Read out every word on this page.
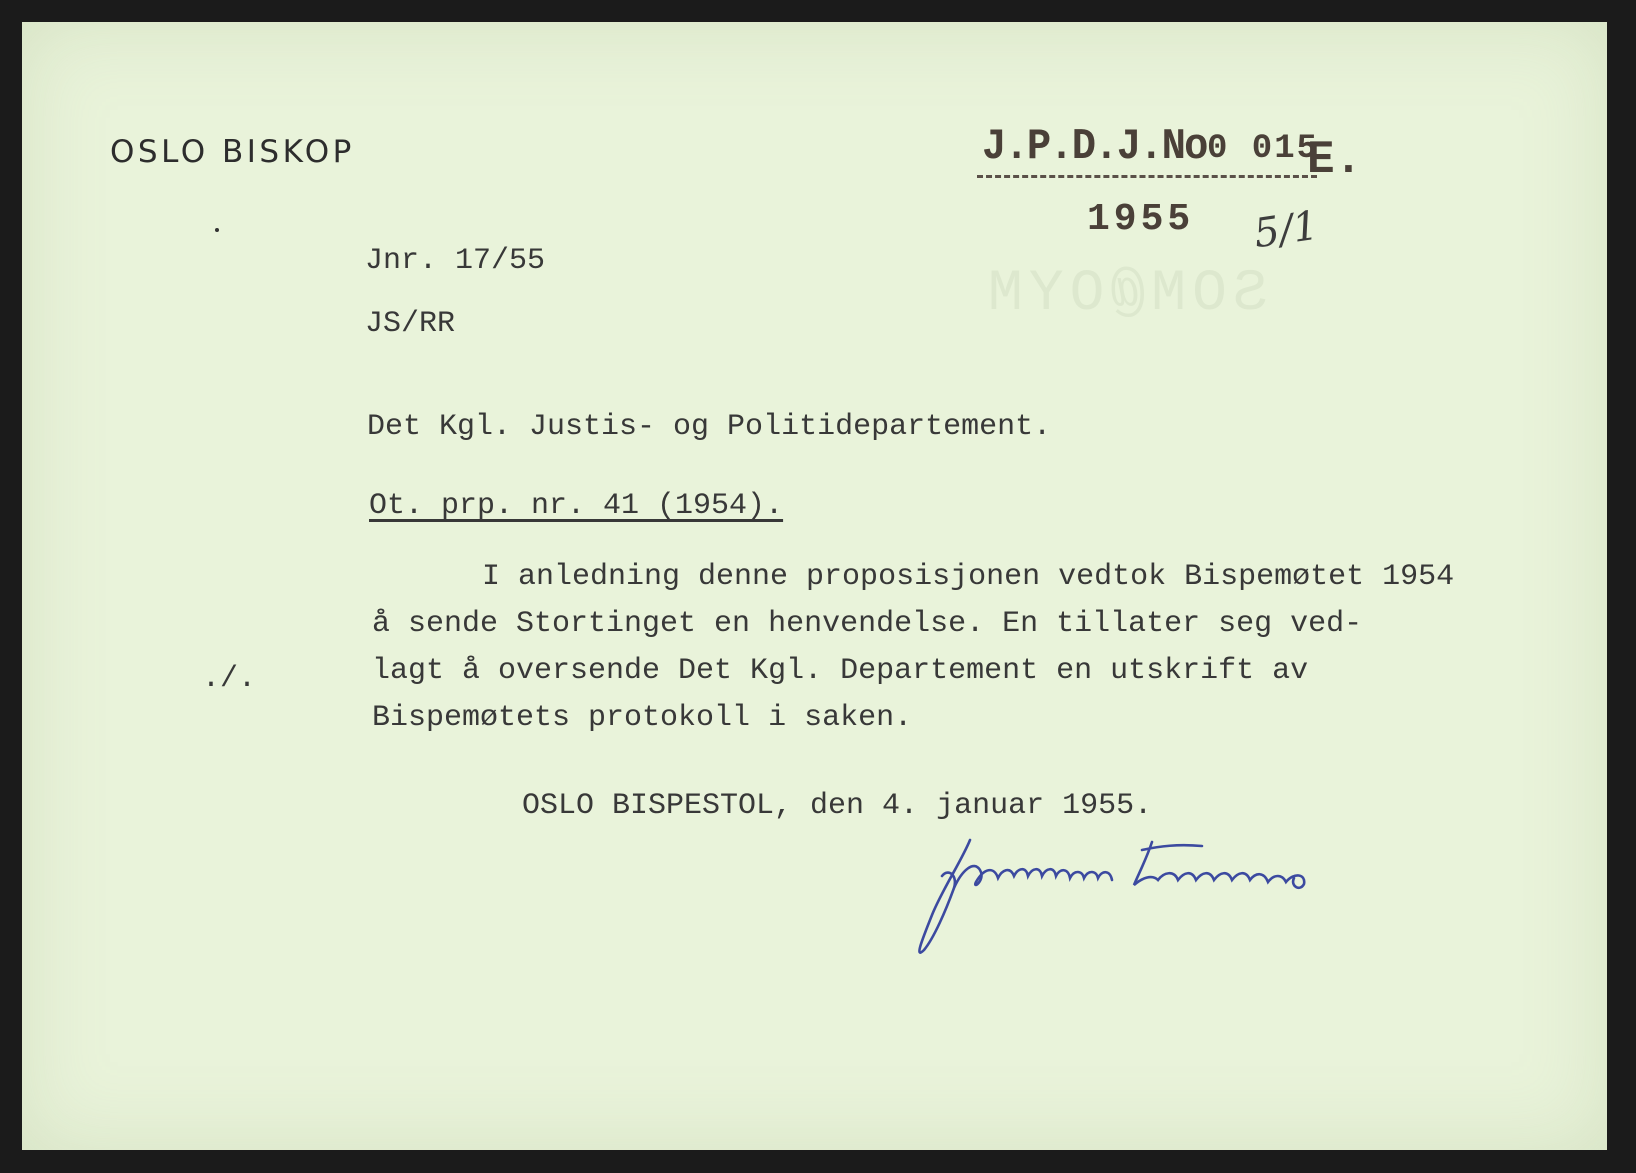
SOM@OYM
OSLO BISKOP	J.P.D.J.No 0 015
E.
1955 5/1
Jnr. 17/55
JS/RR
Det Kgl. Justis- og Politidepartement.
Ot. prp. nr. 41 (1954).
I anledning denne proposisjonen vedtok Bispemøtet 1954
å sende Stortinget en henvendelse. En tillater seg ved-
lagt å oversende Det Kgl. Departement en utskrift av
Bispemøtets protokoll i saken.
./.
OSLO BISPESTOL, den 4. januar 1955.
